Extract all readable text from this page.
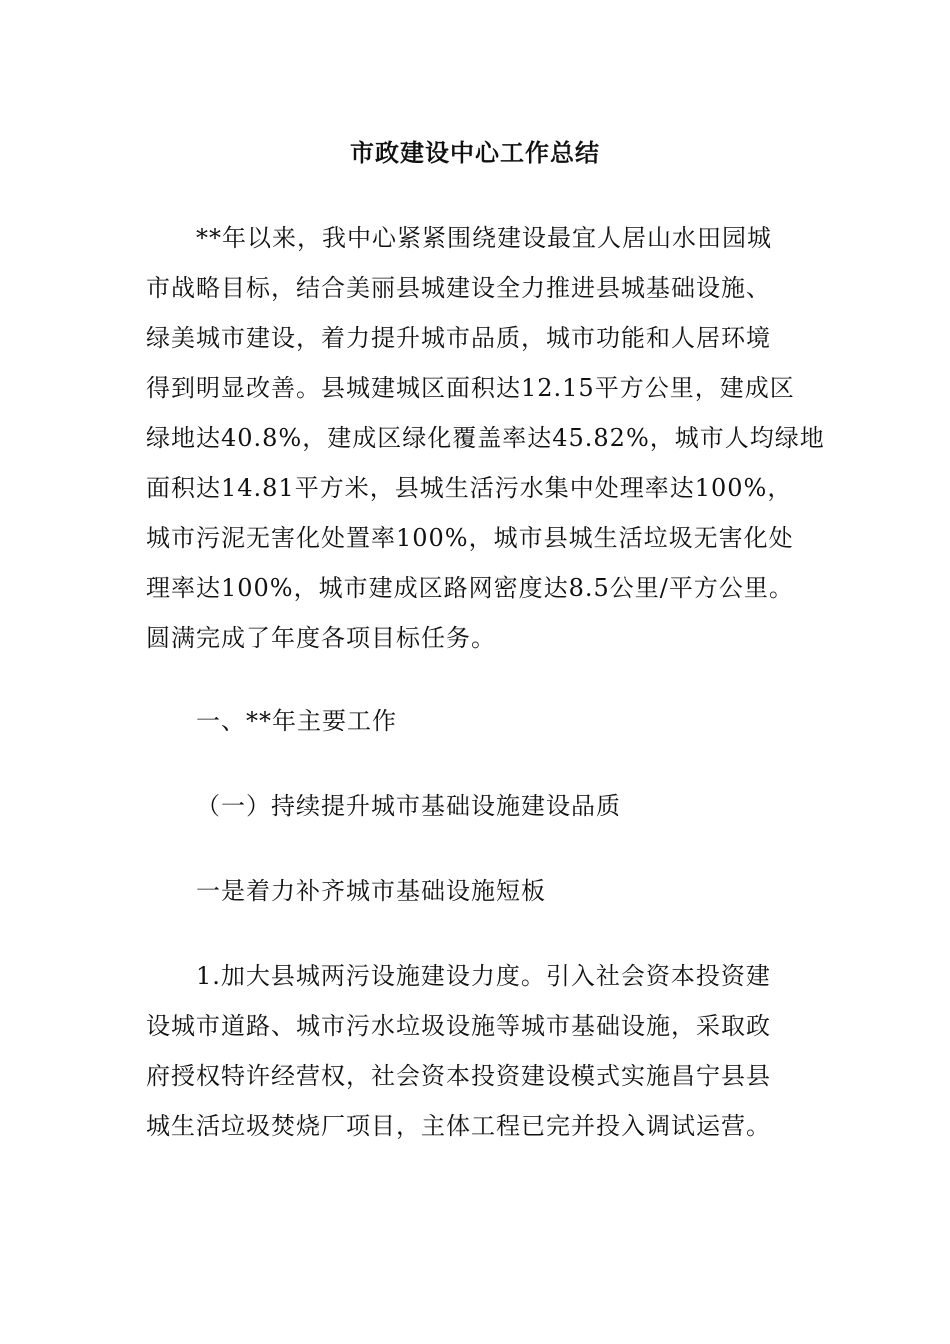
市政建设中心工作总结
**年以来，我中心紧紧围绕建设最宜人居山水田园城
市战略目标，结合美丽县城建设全力推进县城基础设施、
绿美城市建设，着力提升城市品质，城市功能和人居环境
得到明显改善。县城建城区面积达12.15平方公里，建成区
绿地达40.8%，建成区绿化覆盖率达45.82%，城市人均绿地
面积达14.81平方米，县城生活污水集中处理率达100%，
城市污泥无害化处置率100%，城市县城生活垃圾无害化处
理率达100%，城市建成区路网密度达8.5公里/平方公里。
圆满完成了年度各项目标任务。
一、**年主要工作
（一）持续提升城市基础设施建设品质
一是着力补齐城市基础设施短板
1.加大县城两污设施建设力度。引入社会资本投资建
设城市道路、城市污水垃圾设施等城市基础设施，采取政
府授权特许经营权，社会资本投资建设模式实施昌宁县县
城生活垃圾焚烧厂项目，主体工程已完并投入调试运营。
